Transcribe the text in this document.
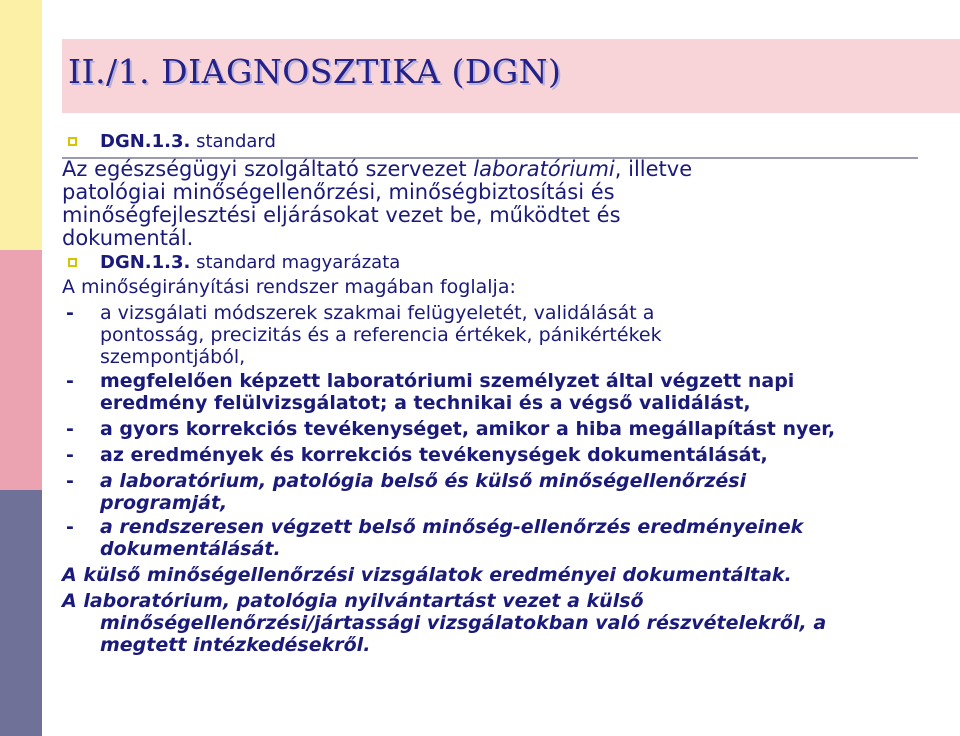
II./1. DIAGNOSZTIKA (DGN)
DGN.1.3. standard
Az egészségügyi szolgáltató szervezet laboratóriumi, illetve
patológiai minőségellenőrzési, minőségbiztosítási és
minőségfejlesztési eljárásokat vezet be, működtet és
dokumentál.
DGN.1.3. standard magyarázata
A minőségirányítási rendszer magában foglalja:
- a vizsgálati módszerek szakmai felügyeletét, validálását a
pontosság, precizitás és a referencia értékek, pánikértékek
szempontjából,
- megfelelően képzett laboratóriumi személyzet által végzett napi
eredmény felülvizsgálatot; a technikai és a végső validálást,
- a gyors korrekciós tevékenységet, amikor a hiba megállapítást nyer,
- az eredmények és korrekciós tevékenységek dokumentálását,
- a laboratórium, patológia belső és külső minőségellenőrzési
programját,
- a rendszeresen végzett belső minőség-ellenőrzés eredményeinek
dokumentálását.
A külső minőségellenőrzési vizsgálatok eredményei dokumentáltak.
A laboratórium, patológia nyilvántartást vezet a külső
minőségellenőrzési/jártassági vizsgálatokban való részvételekről, a
megtett intézkedésekről.
